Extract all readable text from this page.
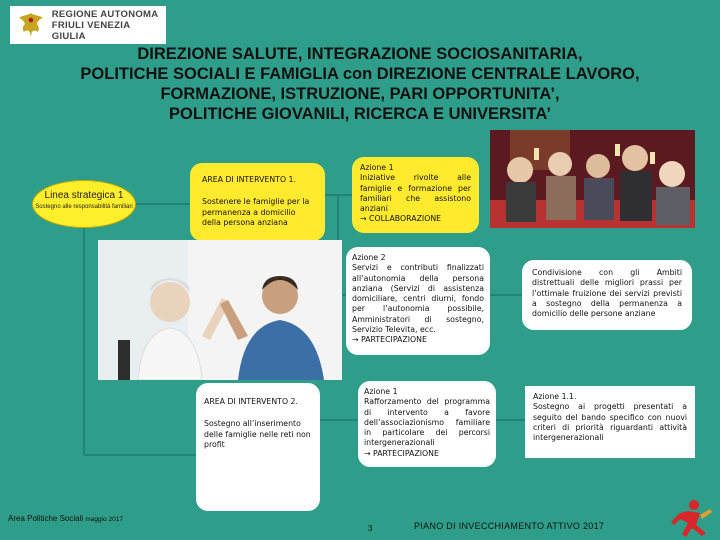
REGIONE AUTONOMA
FRIULI VENEZIA GIULIA
DIREZIONE SALUTE, INTEGRAZIONE SOCIOSANITARIA,
POLITICHE SOCIALI E FAMIGLIA con DIREZIONE CENTRALE LAVORO,
FORMAZIONE, ISTRUZIONE, PARI OPPORTUNITA’,
POLITICHE GIOVANILI, RICERCA E UNIVERSITA’
Linea strategica 1
Sostegno alle responsabilità familiari
AREA DI INTERVENTO 1.
Sostenere le famiglie per la permanenza a domicilio della persona anziana
Azione 1
Iniziative rivolte alle famiglie e formazione per familiari che assistono anziani
→ COLLABORAZIONE
Azione 2
Servizi e contributi finalizzati all’autonomia della persona anziana (Servizi di assistenza domiciliare, centri diurni, fondo per l’autonomia possibile, Amministratori di sostegno, Servizio Televita, ecc.
→ PARTECIPAZIONE
Condivisione con gli Ambiti distrettuali delle migliori prassi per l’ottimale fruizione dei servizi previsti a sostegno della permanenza a domicilio delle persone anziane
AREA DI INTERVENTO 2.
Sostegno all’inserimento delle famiglie nelle reti non profit
Azione 1
Rafforzamento del programma di intervento a favore dell’associazionismo familiare in particolare dei percorsi intergenerazionali
→ PARTECIPAZIONE
Azione 1.1.
Sostegno ai progetti presentati a seguito del bando specifico con nuovi criteri di priorità riguardanti attività intergenerazionali
Area Politiche Sociali maggio 2017
3	PIANO DI INVECCHIAMENTO ATTIVO 2017
